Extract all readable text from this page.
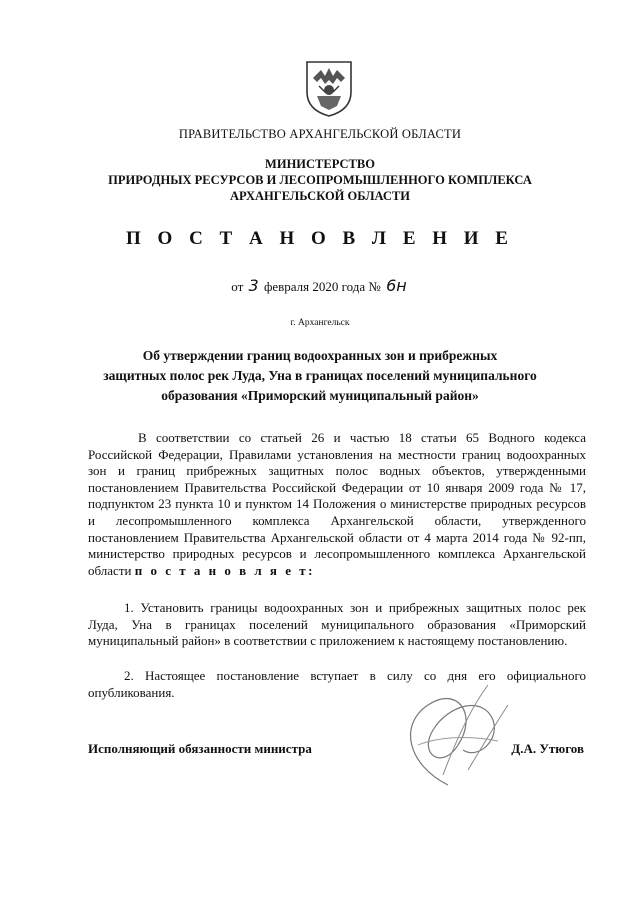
ПРАВИТЕЛЬСТВО АРХАНГЕЛЬСКОЙ ОБЛАСТИ
МИНИСТЕРСТВО
ПРИРОДНЫХ РЕСУРСОВ И ЛЕСОПРОМЫШЛЕННОГО КОМПЛЕКСА
АРХАНГЕЛЬСКОЙ ОБЛАСТИ
П О С Т А Н О В Л Е Н И Е
от 3 февраля 2020 года № 6н
г. Архангельск
Об утверждении границ водоохранных зон и прибрежных
защитных полос рек Луда, Уна в границах поселений муниципального
образования «Приморский муниципальный район»
В соответствии со статьей 26 и частью 18 статьи 65 Водного кодекса Российской Федерации, Правилами установления на местности границ водоохранных зон и границ прибрежных защитных полос водных объектов, утвержденными постановлением Правительства Российской Федерации от 10 января 2009 года № 17, подпунктом 23 пункта 10 и пунктом 14 Положения о министерстве природных ресурсов и лесопромышленного комплекса Архангельской области, утвержденного постановлением Правительства Архангельской области от 4 марта 2014 года № 92-пп, министерство природных ресурсов и лесопромышленного комплекса Архангельской области п о с т а н о в л я е т:
1. Установить границы водоохранных зон и прибрежных защитных полос рек Луда, Уна в границах поселений муниципального образования «Приморский муниципальный район» в соответствии с приложением к настоящему постановлению.
2. Настоящее постановление вступает в силу со дня его официального опубликования.
Исполняющий обязанности министра	Д.А. Утюгов
